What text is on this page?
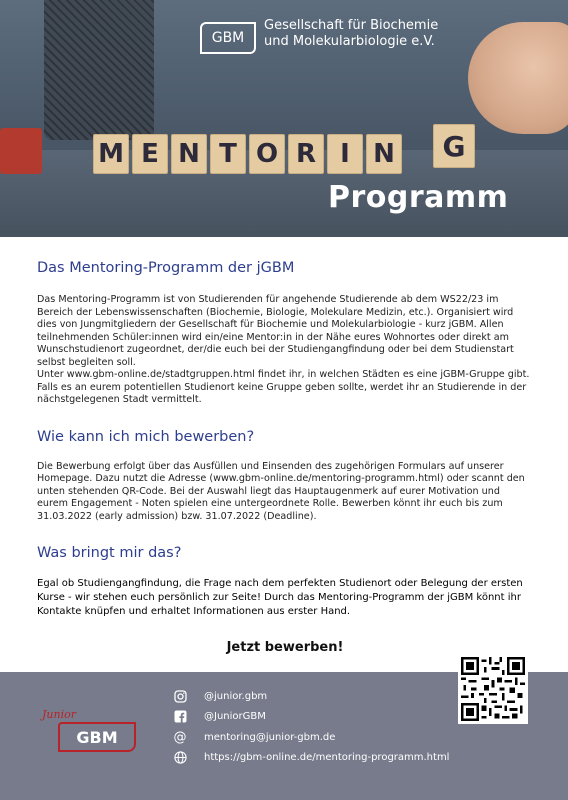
M E N T O R I N	G
GBM
Gesellschaft für Biochemie
und Molekularbiologie e.V.
Programm
Das Mentoring-Programm der jGBM

Das Mentoring-Programm ist von Studierenden für angehende Studierende ab dem WS22/23 im Bereich der Lebenswissenschaften (Biochemie, Biologie, Molekulare Medizin, etc.). Organisiert wird dies von Jungmitgliedern der Gesellschaft für Biochemie und Molekularbiologie - kurz jGBM. Allen teilnehmenden Schüler:innen wird ein/eine Mentor:in in der Nähe eures Wohnortes oder direkt am Wunschstudienort zugeordnet, der/die euch bei der Studiengangfindung oder bei dem Studienstart selbst begleiten soll.

Unter www.gbm-online.de/stadtgruppen.html findet ihr, in welchen Städten es eine jGBM-Gruppe gibt. Falls es an eurem potentiellen Studienort keine Gruppe geben sollte, werdet ihr an Studierende in der nächstgelegenen Stadt vermittelt.

Wie kann ich mich bewerben?

Die Bewerbung erfolgt über das Ausfüllen und Einsenden des zugehörigen Formulars auf unserer Homepage. Dazu nutzt die Adresse (www.gbm-online.de/mentoring-programm.html) oder scannt den unten stehenden QR-Code. Bei der Auswahl liegt das Hauptaugenmerk auf eurer Motivation und eurem Engagement - Noten spielen eine untergeordnete Rolle. Bewerben könnt ihr euch bis zum 31.03.2022 (early admission) bzw. 31.07.2022 (Deadline).

Was bringt mir das?

Egal ob Studiengangfindung, die Frage nach dem perfekten Studienort oder Belegung der ersten Kurse - wir stehen euch persönlich zur Seite! Durch das Mentoring-Programm der jGBM könnt ihr Kontakte knüpfen und erhaltet Informationen aus erster Hand.

Jetzt bewerben!
Junior
GBM
@junior.gbm
@JuniorGBM
@ mentoring@junior-gbm.de
https://gbm-online.de/mentoring-programm.html
